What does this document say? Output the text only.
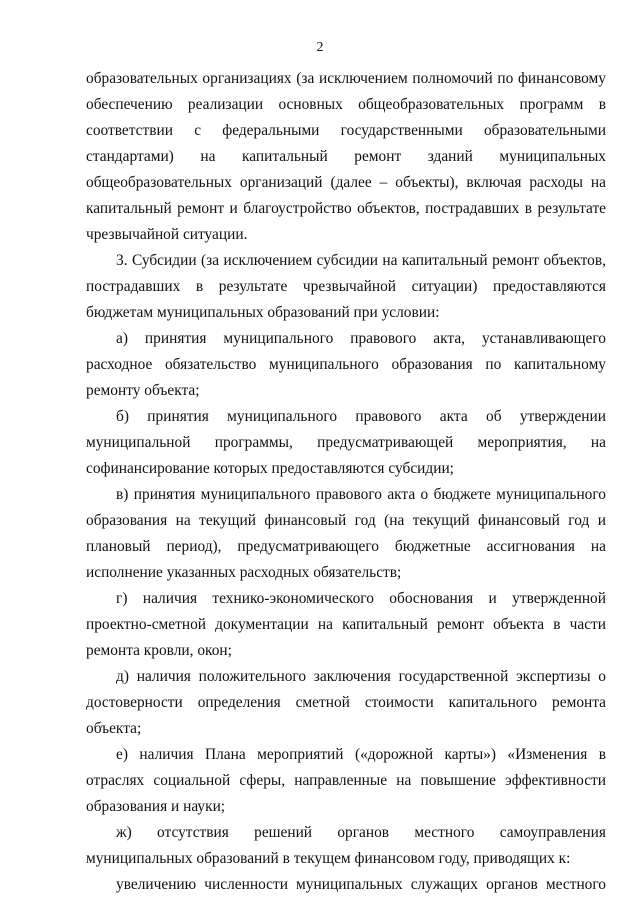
2

образовательных организациях (за исключением полномочий по финансовому обеспечению реализации основных общеобразовательных программ в соответствии с федеральными государственными образовательными стандартами) на капитальный ремонт зданий муниципальных общеобразовательных организаций (далее – объекты), включая расходы на капитальный ремонт и благоустройство объектов, пострадавших в результате чрезвычайной ситуации.

3. Субсидии (за исключением субсидии на капитальный ремонт объектов, пострадавших в результате чрезвычайной ситуации) предоставляются бюджетам муниципальных образований при условии:

а) принятия муниципального правового акта, устанавливающего расходное обязательство муниципального образования по капитальному ремонту объекта;

б) принятия муниципального правового акта об утверждении муниципальной программы, предусматривающей мероприятия, на софинансирование которых предоставляются субсидии;

в) принятия муниципального правового акта о бюджете муниципального образования на текущий финансовый год (на текущий финансовый год и плановый период), предусматривающего бюджетные ассигнования на исполнение указанных расходных обязательств;

г) наличия технико-экономического обоснования и утвержденной проектно-сметной документации на капитальный ремонт объекта в части ремонта кровли, окон;

д) наличия положительного заключения государственной экспертизы о достоверности определения сметной стоимости капитального ремонта объекта;

е) наличия Плана мероприятий («дорожной карты») «Изменения в отраслях социальной сферы, направленные на повышение эффективности образования и науки;

ж) отсутствия решений органов местного самоуправления муниципальных образований в текущем финансовом году, приводящих к:

увеличению численности муниципальных служащих органов местного
